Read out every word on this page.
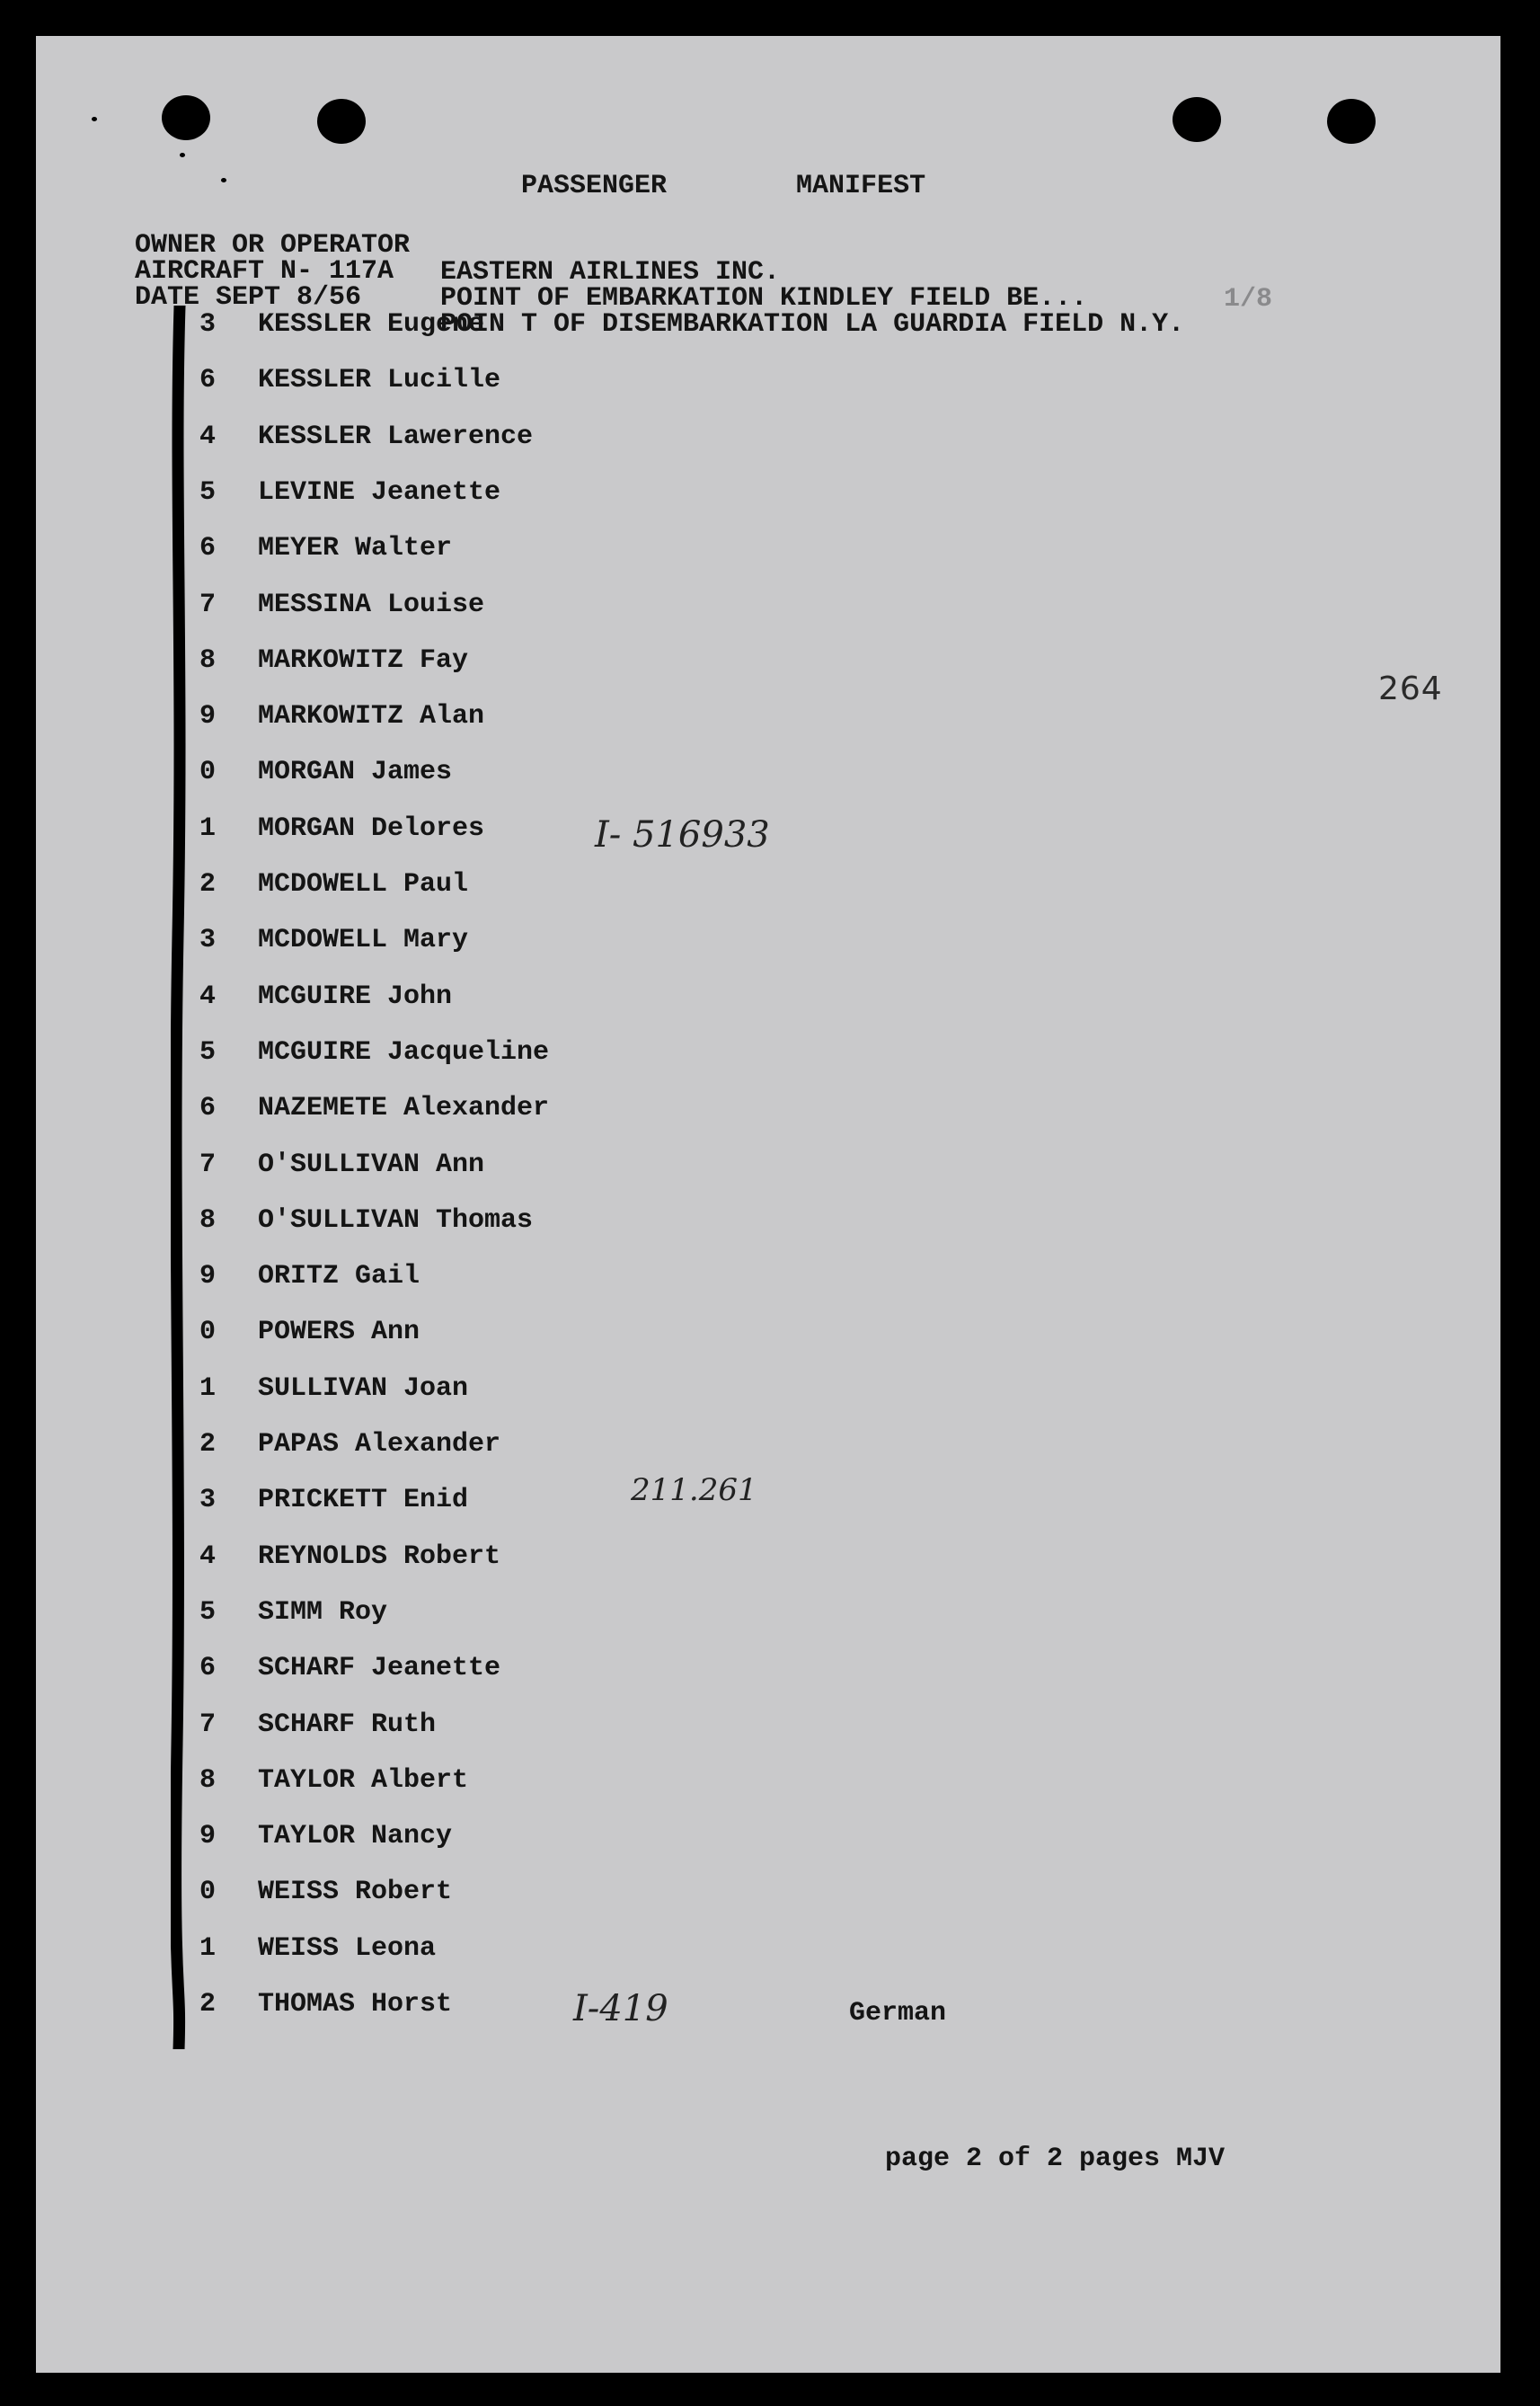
PASSENGER        MANIFEST

OWNER OR OPERATOR

EASTERN AIRLINES INC.

1/8

AIRCRAFT N- 117A

POINT OF EMBARKATION KINDLEY FIELD BE...

DATE SEPT 8/56

POIN T OF DISEMBARKATION LA GUARDIA FIELD N.Y.

3 KESSLER Eugene
6 KESSLER Lucille
4 KESSLER Lawerence
5 LEVINE Jeanette
6 MEYER Walter
7 MESSINA Louise
8 MARKOWITZ Fay
9 MARKOWITZ Alan
0 MORGAN James
1 MORGAN Delores
2 MCDOWELL Paul
3 MCDOWELL Mary
4 MCGUIRE John
5 MCGUIRE Jacqueline
6 NAZEMETE Alexander
7 O'SULLIVAN Ann
8 O'SULLIVAN Thomas
9 ORITZ Gail
0 POWERS Ann
1 SULLIVAN Joan
2 PAPAS Alexander
3 PRICKETT Enid
4 REYNOLDS Robert
5 SIMM Roy
6 SCHARF Jeanette
7 SCHARF Ruth
8 TAYLOR Albert
9 TAYLOR Nancy
0 WEISS Robert
1 WEISS Leona
2 THOMAS Horst
264
I- 516933
211.261
I-419	German
page 2 of 2 pages MJV
